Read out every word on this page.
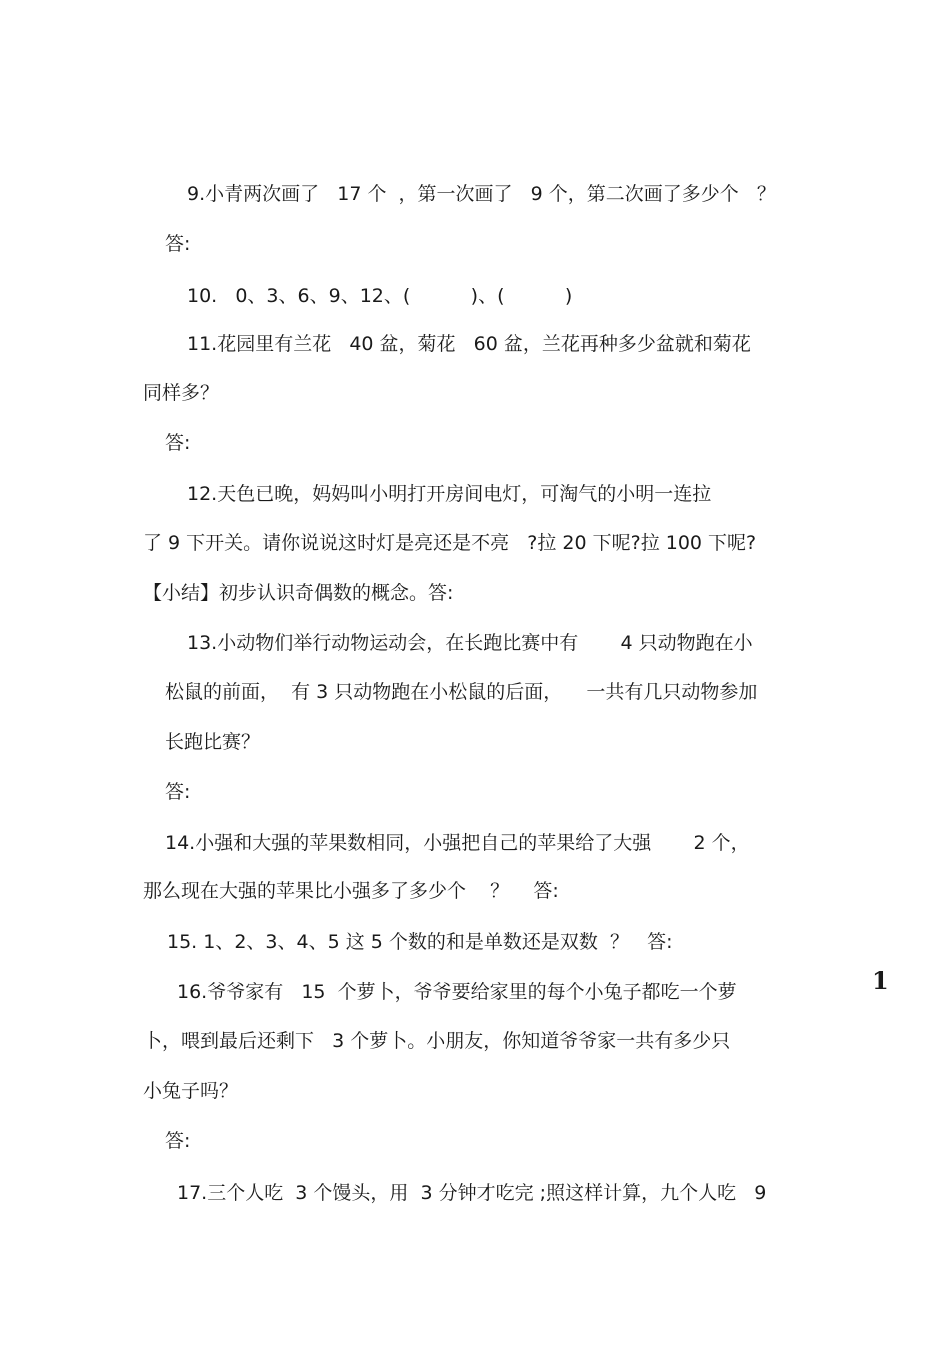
9.小青两次画了   17 个  ，第一次画了   9 个，第二次画了多少个   ？
答:
10.   0、3、6、9、12、(          )、(          )
11.花园里有兰花   40 盆，菊花   60 盆，兰花再种多少盆就和菊花
同样多？
答:
12.天色已晚，妈妈叫小明打开房间电灯，可淘气的小明一连拉
了 9 下开关。请你说说这时灯是亮还是不亮   ?拉 20 下呢?拉 100 下呢?
【小结】初步认识奇偶数的概念。答:
13.小动物们举行动物运动会，在长跑比赛中有       4 只动物跑在小
松鼠的前面，  有 3 只动物跑在小松鼠的后面，    一共有几只动物参加
长跑比赛？
答:
14.小强和大强的苹果数相同，小强把自己的苹果给了大强       2 个，
那么现在大强的苹果比小强多了多少个    ？    答:
15. 1、2、3、4、5 这 5 个数的和是单数还是双数  ？   答:
16.爷爷家有   15  个萝卜，爷爷要给家里的每个小兔子都吃一个萝
卜，喂到最后还剩下   3 个萝卜。小朋友，你知道爷爷家一共有多少只
小兔子吗？
答:
17.三个人吃  3 个馒头，用  3 分钟才吃完 ;照这样计算，九个人吃   9
1
